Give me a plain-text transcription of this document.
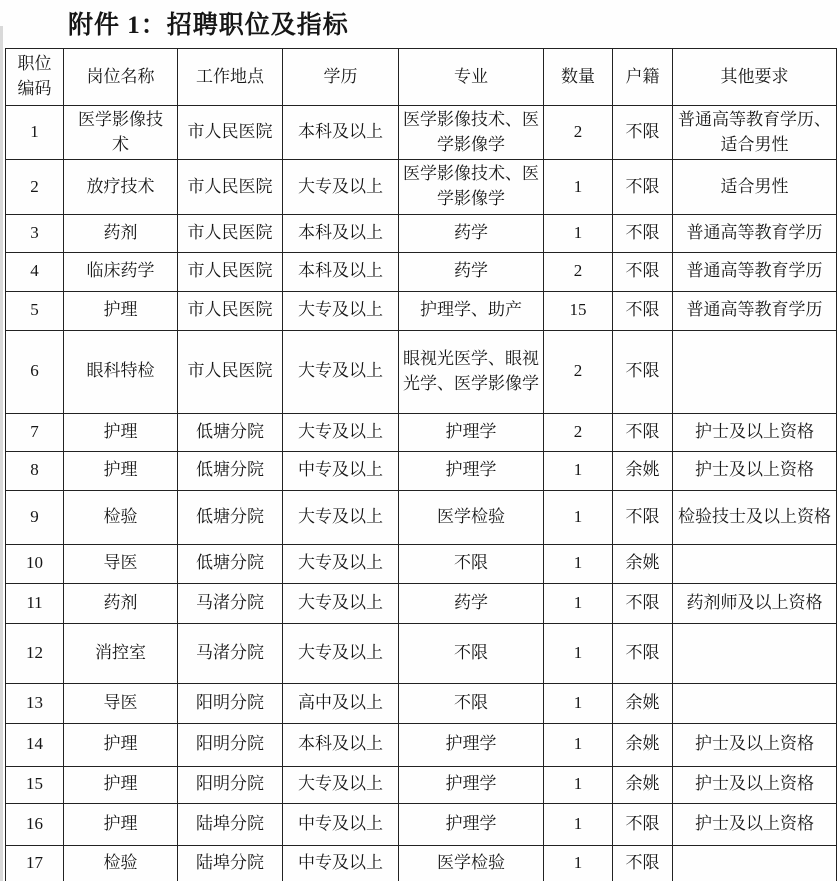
附件 1：招聘职位及指标
职位编码	岗位名称	工作地点	学历	专业	数量	户籍	其他要求
1	医学影像技术	市人民医院	本科及以上	医学影像技术、医学影像学	2	不限	普通高等教育学历、适合男性
2	放疗技术	市人民医院	大专及以上	医学影像技术、医学影像学	1	不限	适合男性
3	药剂	市人民医院	本科及以上	药学	1	不限	普通高等教育学历
4	临床药学	市人民医院	本科及以上	药学	2	不限	普通高等教育学历
5	护理	市人民医院	大专及以上	护理学、助产	15	不限	普通高等教育学历
6	眼科特检	市人民医院	大专及以上	眼视光医学、眼视光学、医学影像学	2	不限	
7	护理	低塘分院	大专及以上	护理学	2	不限	护士及以上资格
8	护理	低塘分院	中专及以上	护理学	1	余姚	护士及以上资格
9	检验	低塘分院	大专及以上	医学检验	1	不限	检验技士及以上资格
10	导医	低塘分院	大专及以上	不限	1	余姚	
11	药剂	马渚分院	大专及以上	药学	1	不限	药剂师及以上资格
12	消控室	马渚分院	大专及以上	不限	1	不限	
13	导医	阳明分院	高中及以上	不限	1	余姚	
14	护理	阳明分院	本科及以上	护理学	1	余姚	护士及以上资格
15	护理	阳明分院	大专及以上	护理学	1	余姚	护士及以上资格
16	护理	陆埠分院	中专及以上	护理学	1	不限	护士及以上资格
17	检验	陆埠分院	中专及以上	医学检验	1	不限	
